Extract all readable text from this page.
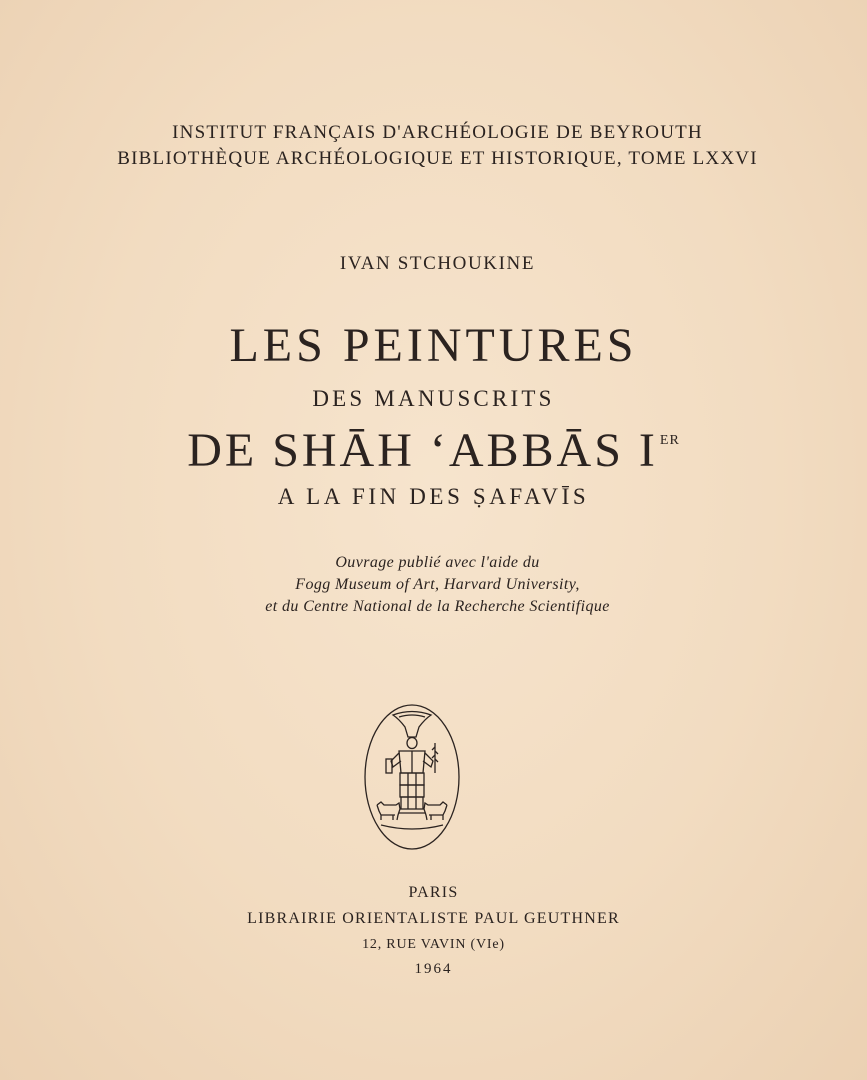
INSTITUT FRANÇAIS D'ARCHÉOLOGIE DE BEYROUTH
BIBLIOTHÈQUE ARCHÉOLOGIQUE ET HISTORIQUE, TOME LXXVI
IVAN STCHOUKINE
LES PEINTURES
DES MANUSCRITS
DE SHĀH ‘ABBĀS I $^{ER}$
A LA FIN DES ṢAFAVĪS
Ouvrage publié avec l'aide du
Fogg Museum of Art, Harvard University,
et du Centre National de la Recherche Scientifique
PARIS
LIBRAIRIE ORIENTALISTE PAUL GEUTHNER
12, RUE VAVIN (VIe)
1964
